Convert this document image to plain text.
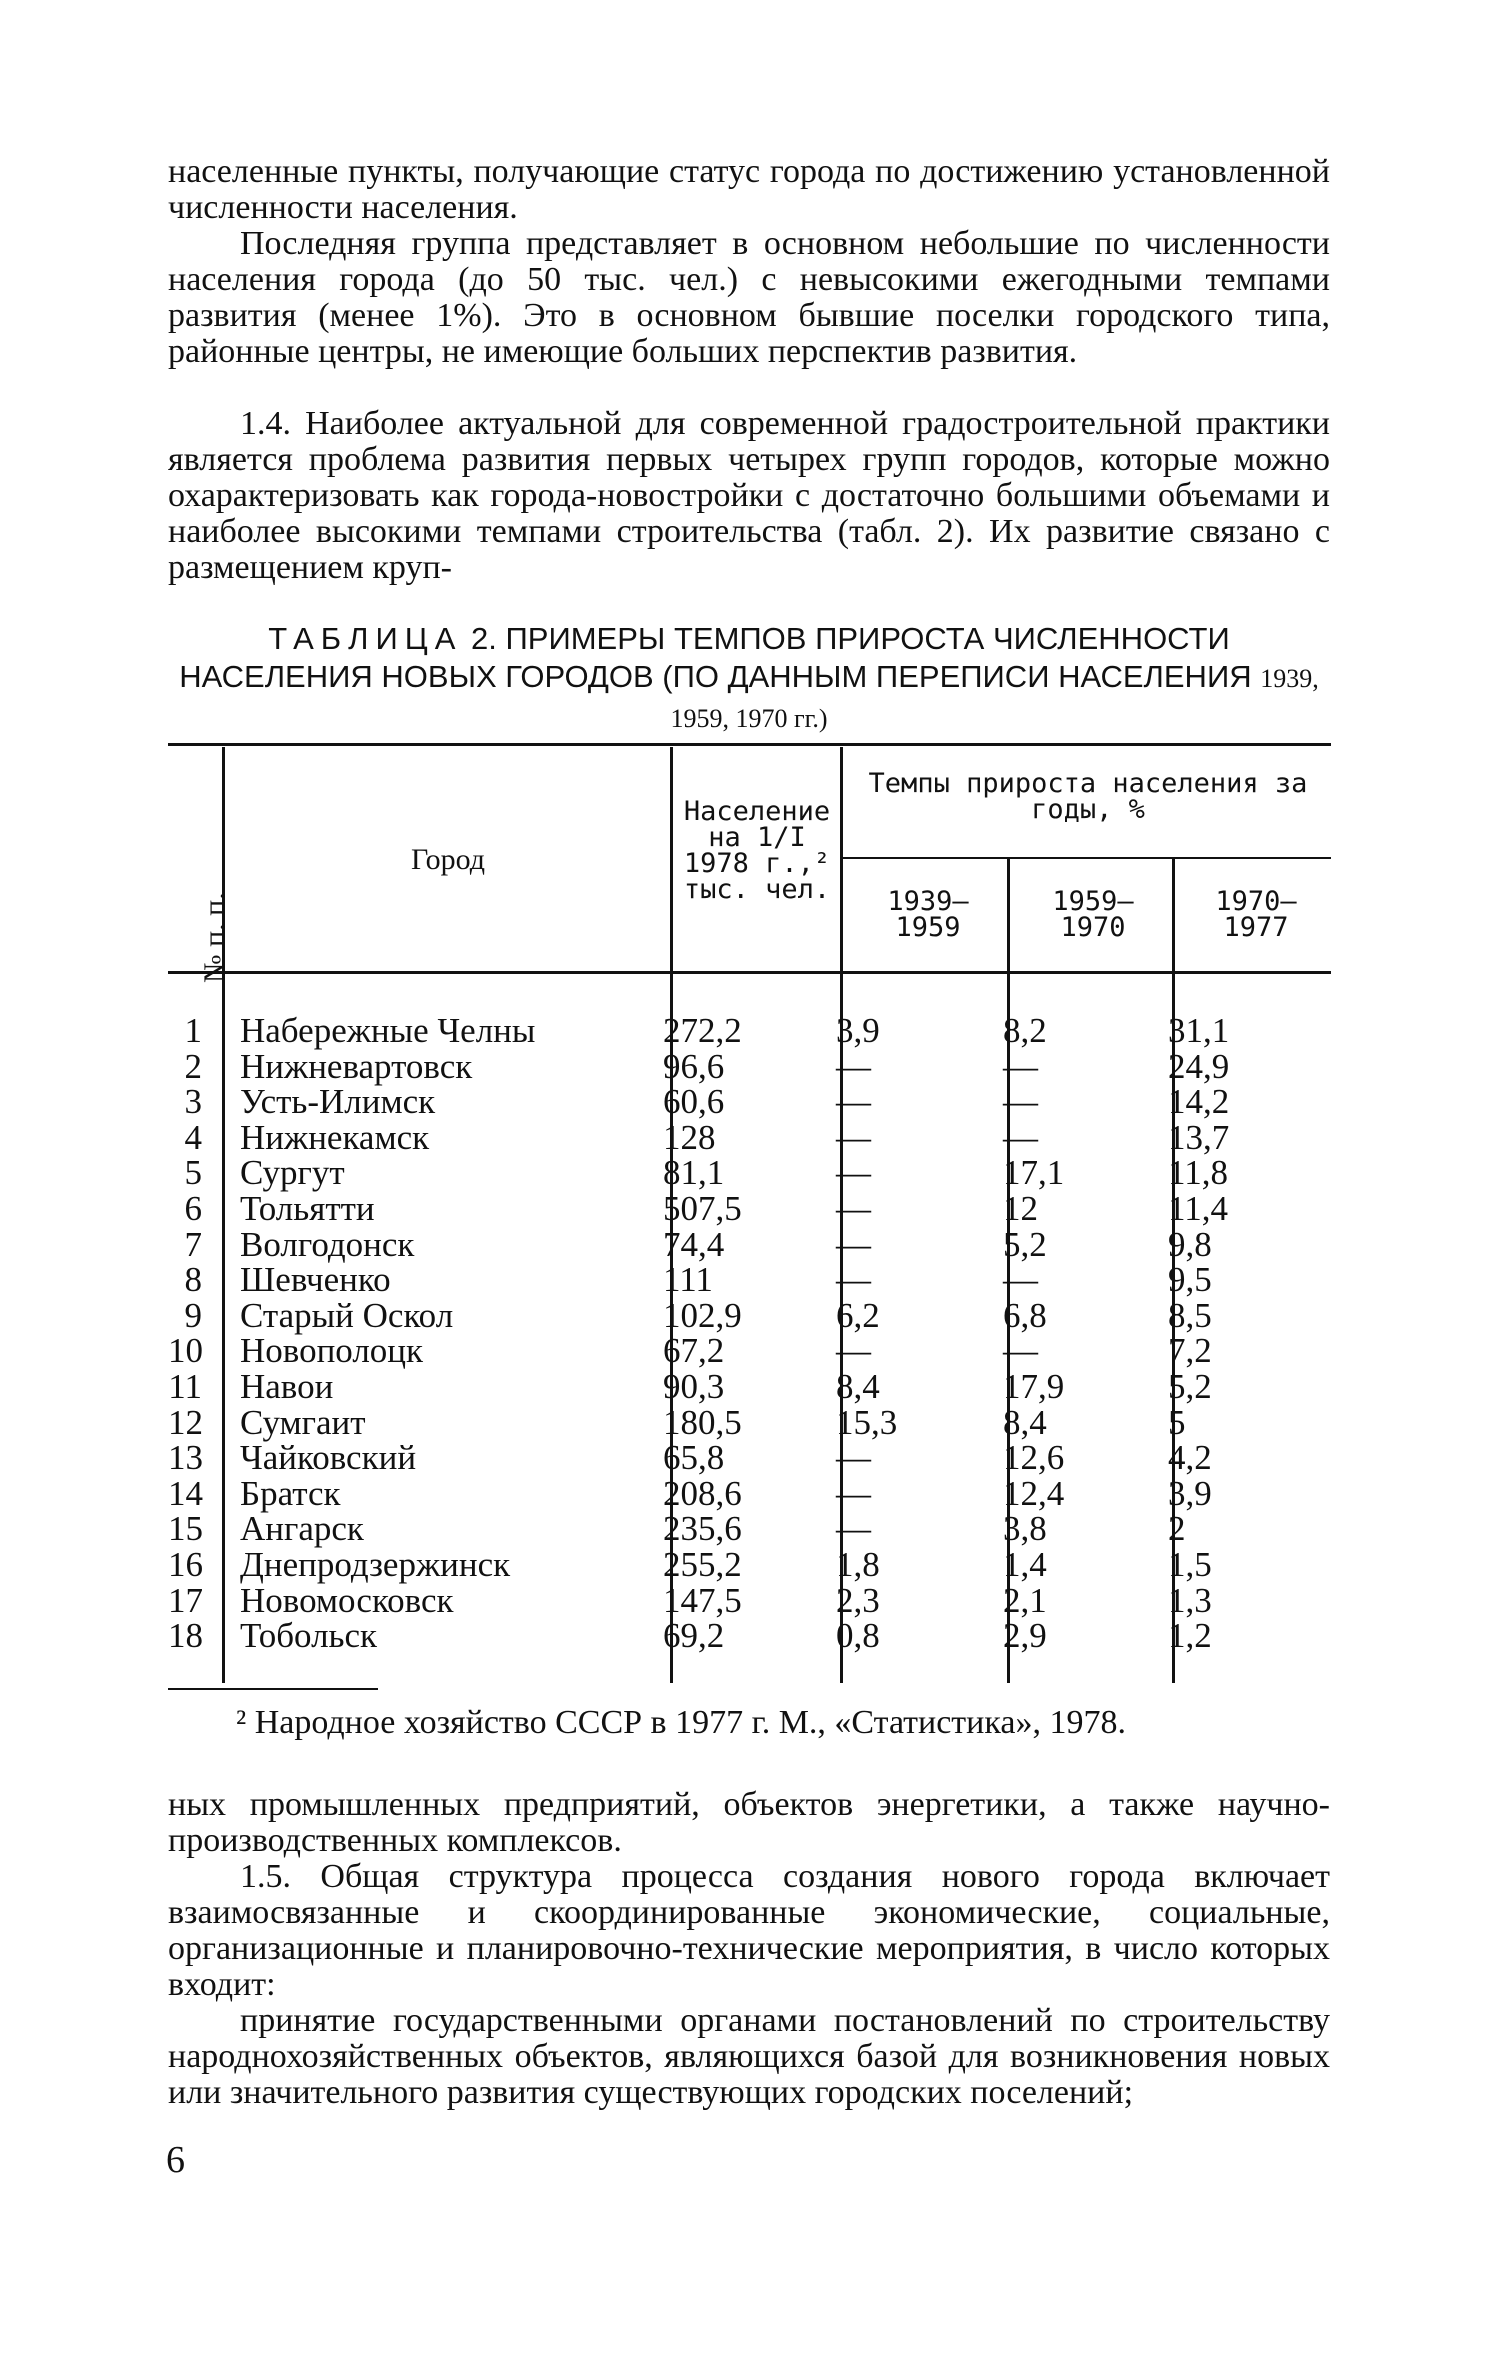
населенные пункты, получающие статус города по достижению установленной численности населения.

Последняя группа представляет в основном небольшие по численности населения города (до 50 тыс. чел.) с невысокими ежегодными темпами развития (менее 1%). Это в основном бывшие поселки городского типа, районные центры, не имеющие больших перспектив развития.

1.4. Наиболее актуальной для современной градостроительной практики является проблема развития первых четырех групп городов, которые можно охарактеризовать как города-новостройки с достаточно большими объемами и наиболее высокими темпами строительства (табл. 2). Их развитие связано с размещением круп-

ТАБЛИЦА 2. ПРИМЕРЫ ТЕМПОВ ПРИРОСТА ЧИСЛЕННОСТИ НАСЕЛЕНИЯ НОВЫХ ГОРОДОВ (ПО ДАННЫМ ПЕРЕПИСИ НАСЕЛЕНИЯ 1939, 1959, 1970 гг.)
№ п. п.
Город
Население на 1/I 1978 г.,² тыс. чел.
Темпы прироста населения за годы, %
1939— 1959
1959— 1970
1970— 1977
1
2
3
4
5
6
7
8
9
10
11
12
13
14
15
16
17
18
Набережные Челны
Нижневартовск
Усть-Илимск
Нижнекамск
Сургут
Тольятти
Волгодонск
Шевченко
Старый Оскол
Новополоцк
Навои
Сумгаит
Чайковский
Братск
Ангарск
Днепродзержинск
Новомосковск
Тобольск
272,2
96,6
60,6
128
81,1
507,5
74,4
111
102,9
67,2
90,3
180,5
65,8
208,6
235,6
255,2
147,5
69,2
3,9
—
—
—
—
—
—
—
6,2
—
8,4
15,3
—
—
—
1,8
2,3
0,8
8,2
—
—
—
17,1
12
5,2
—
6,8
—
17,9
8,4
12,6
12,4
3,8
1,4
2,1
2,9
31,1
24,9
14,2
13,7
11,8
11,4
9,8
9,5
8,5
7,2
5,2
5
4,2
3,9
2
1,5
1,3
1,2

² Народное хозяйство СССР в 1977 г. М., «Статистика», 1978.

ных промышленных предприятий, объектов энергетики, а также научно-производственных комплексов.

1.5. Общая структура процесса создания нового города включает взаимосвязанные и скоординированные экономические, социальные, организационные и планировочно-технические мероприятия, в число которых входит:

принятие государственными органами постановлений по строительству народнохозяйственных объектов, являющихся базой для возникновения новых или значительного развития существующих городских поселений;

6
